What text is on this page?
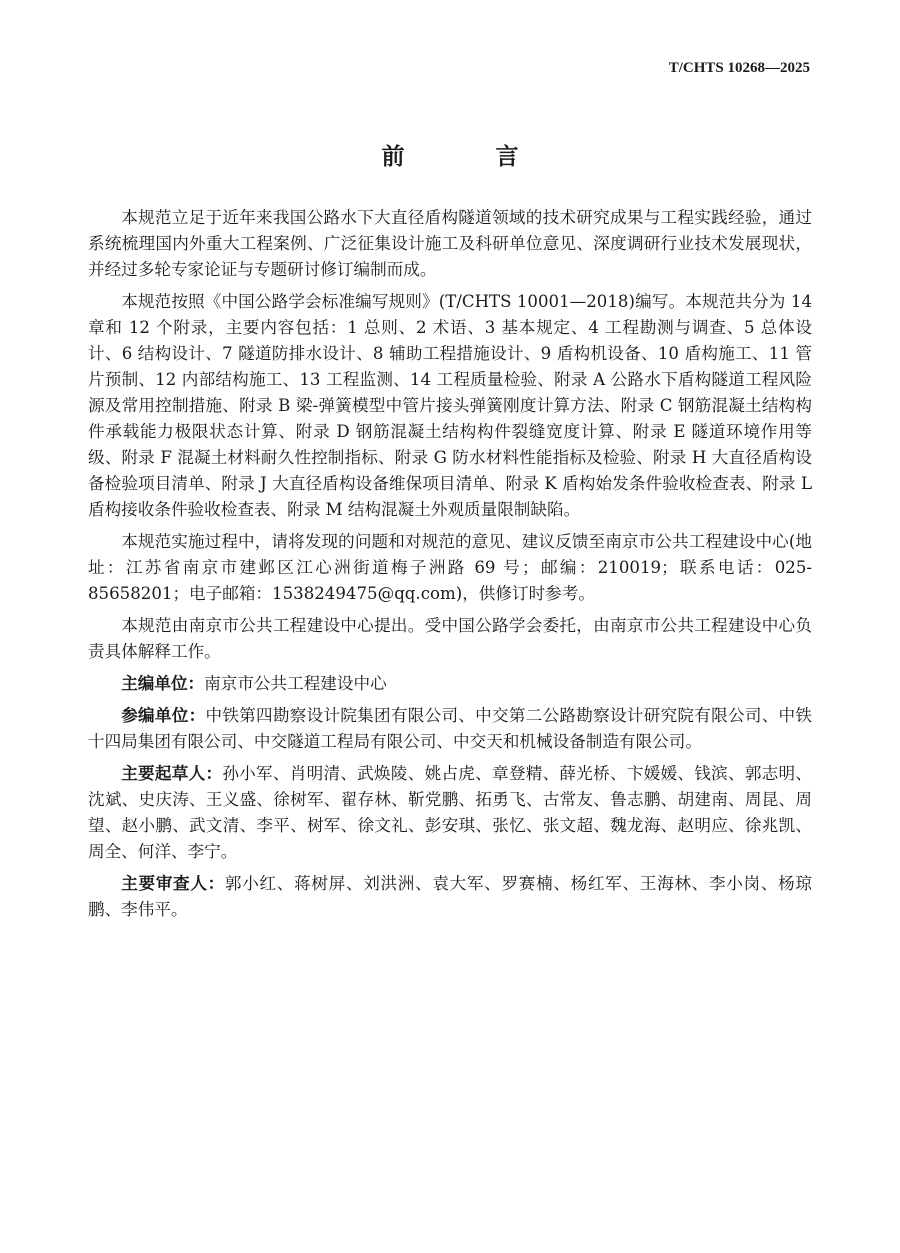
T/CHTS 10268—2025
前　言

本规范立足于近年来我国公路水下大直径盾构隧道领域的技术研究成果与工程实践经验，通过系统梳理国内外重大工程案例、广泛征集设计施工及科研单位意见、深度调研行业技术发展现状，并经过多轮专家论证与专题研讨修订编制而成。

本规范按照《中国公路学会标准编写规则》(T/CHTS 10001—2018)编写。本规范共分为 14 章和 12 个附录，主要内容包括：1 总则、2 术语、3 基本规定、4 工程勘测与调查、5 总体设计、6 结构设计、7 隧道防排水设计、8 辅助工程措施设计、9 盾构机设备、10 盾构施工、11 管片预制、12 内部结构施工、13 工程监测、14 工程质量检验、附录 A 公路水下盾构隧道工程风险源及常用控制措施、附录 B 梁-弹簧模型中管片接头弹簧刚度计算方法、附录 C 钢筋混凝土结构构件承载能力极限状态计算、附录 D 钢筋混凝土结构构件裂缝宽度计算、附录 E 隧道环境作用等级、附录 F 混凝土材料耐久性控制指标、附录 G 防水材料性能指标及检验、附录 H 大直径盾构设备检验项目清单、附录 J 大直径盾构设备维保项目清单、附录 K 盾构始发条件验收检查表、附录 L 盾构接收条件验收检查表、附录 M 结构混凝土外观质量限制缺陷。

本规范实施过程中，请将发现的问题和对规范的意见、建议反馈至南京市公共工程建设中心(地址：江苏省南京市建邺区江心洲街道梅子洲路 69 号；邮编：210019；联系电话：025-85658201；电子邮箱：1538249475@qq.com)，供修订时参考。

本规范由南京市公共工程建设中心提出。受中国公路学会委托，由南京市公共工程建设中心负责具体解释工作。

主编单位：南京市公共工程建设中心

参编单位：中铁第四勘察设计院集团有限公司、中交第二公路勘察设计研究院有限公司、中铁十四局集团有限公司、中交隧道工程局有限公司、中交天和机械设备制造有限公司。

主要起草人：孙小军、肖明清、武焕陵、姚占虎、章登精、薛光桥、卞媛媛、钱滨、郭志明、沈斌、史庆涛、王义盛、徐树军、翟存林、靳党鹏、拓勇飞、古常友、鲁志鹏、胡建南、周昆、周望、赵小鹏、武文清、李平、树军、徐文礼、彭安琪、张忆、张文超、魏龙海、赵明应、徐兆凯、周全、何洋、李宁。

主要审查人：郭小红、蒋树屏、刘洪洲、袁大军、罗赛楠、杨红军、王海林、李小岗、杨琼鹏、李伟平。
